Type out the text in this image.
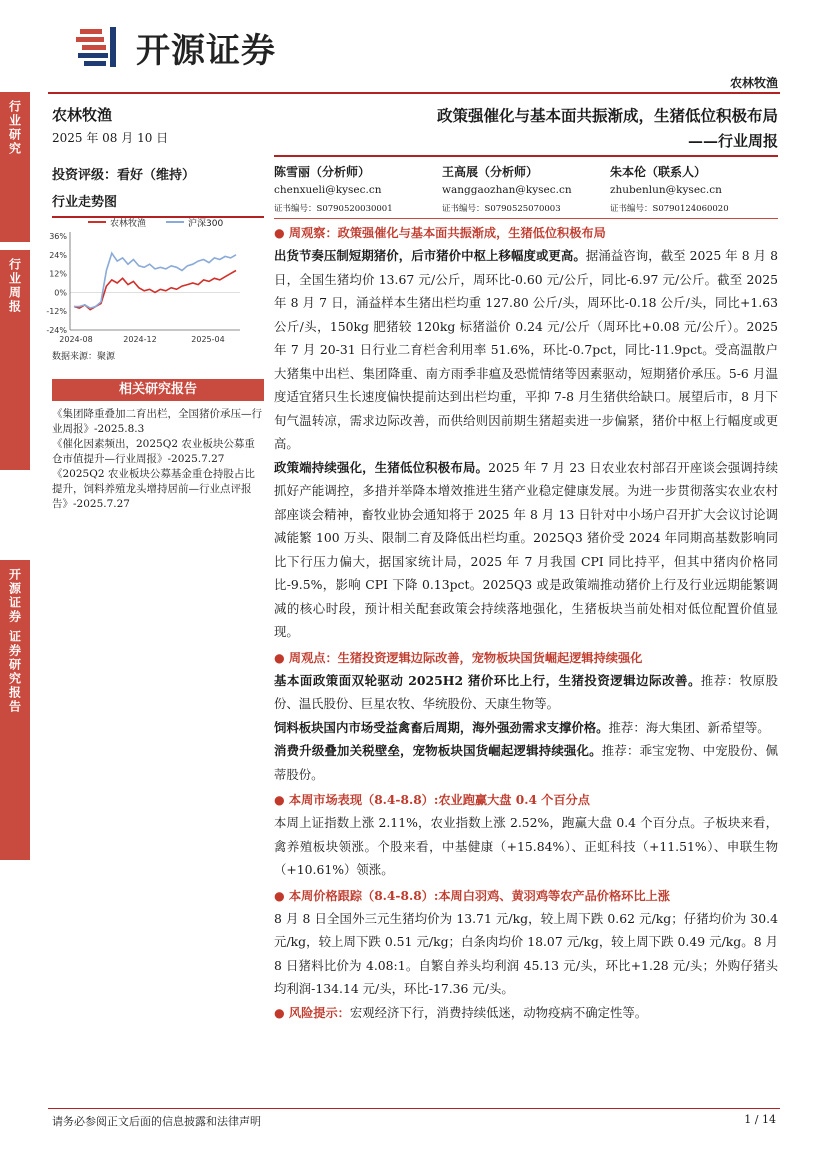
开源证券
农林牧渔
行业研究
行业周报
开源证券 证券研究报告
农林牧渔
2025 年 08 月 10 日
投资评级：看好（维持）
行业走势图
农林牧渔	沪深300
36%
24%
12%
0%
-12%
-24%
2024-08	2024-12	2025-04
数据来源：聚源
相关研究报告
《集团降重叠加二育出栏，全国猪价承压—行业周报》-2025.8.3
《催化因素频出，2025Q2 农业板块公募重仓市值提升—行业周报》-2025.7.27
《2025Q2 农业板块公募基金重仓持股占比提升，饲料养殖龙头增持居前—行业点评报告》-2025.7.27
政策强催化与基本面共振渐成，生猪低位积极布局
——行业周报
陈雪丽（分析师）
chenxueli@kysec.cn
证书编号：S0790520030001
王高展（分析师）
wanggaozhan@kysec.cn
证书编号：S0790525070003
朱本伦（联系人）
zhubenlun@kysec.cn
证书编号：S0790124060020
● 周观察：政策强催化与基本面共振渐成，生猪低位积极布局
出货节奏压制短期猪价，后市猪价中枢上移幅度或更高。据涌益咨询，截至 2025 年 8 月 8 日，全国生猪均价 13.67 元/公斤，周环比-0.60 元/公斤，同比-6.97 元/公斤。截至 2025 年 8 月 7 日，涌益样本生猪出栏均重 127.80 公斤/头，周环比-0.18 公斤/头，同比+1.63 公斤/头，150kg 肥猪较 120kg 标猪溢价 0.24 元/公斤（周环比+0.08 元/公斤）。2025 年 7 月 20-31 日行业二育栏舍利用率 51.6%，环比-0.7pct，同比-11.9pct。受高温散户大猪集中出栏、集团降重、南方雨季非瘟及恐慌情绪等因素驱动，短期猪价承压。5-6 月温度适宜猪只生长速度偏快提前达到出栏均重，平抑 7-8 月生猪供给缺口。展望后市，8 月下旬气温转凉，需求边际改善，而供给则因前期生猪超卖进一步偏紧，猪价中枢上行幅度或更高。
政策端持续强化，生猪低位积极布局。2025 年 7 月 23 日农业农村部召开座谈会强调持续抓好产能调控，多措并举降本增效推进生猪产业稳定健康发展。为进一步贯彻落实农业农村部座谈会精神，畜牧业协会通知将于 2025 年 8 月 13 日针对中小场户召开扩大会议讨论调减能繁 100 万头、限制二育及降低出栏均重。2025Q3 猪价受 2024 年同期高基数影响同比下行压力偏大，据国家统计局，2025 年 7 月我国 CPI 同比持平，但其中猪肉价格同比-9.5%，影响 CPI 下降 0.13pct。2025Q3 或是政策端推动猪价上行及行业远期能繁调减的核心时段，预计相关配套政策会持续落地强化，生猪板块当前处相对低位配置价值显现。
● 周观点：生猪投资逻辑边际改善，宠物板块国货崛起逻辑持续强化
基本面政策面双轮驱动 2025H2 猪价环比上行，生猪投资逻辑边际改善。推荐：牧原股份、温氏股份、巨星农牧、华统股份、天康生物等。
饲料板块国内市场受益禽畜后周期，海外强劲需求支撑价格。推荐：海大集团、新希望等。
消费升级叠加关税壁垒，宠物板块国货崛起逻辑持续强化。推荐：乖宝宠物、中宠股份、佩蒂股份。
● 本周市场表现（8.4-8.8）:农业跑赢大盘 0.4 个百分点
本周上证指数上涨 2.11%，农业指数上涨 2.52%，跑赢大盘 0.4 个百分点。子板块来看，禽养殖板块领涨。个股来看，中基健康（+15.84%）、正虹科技（+11.51%）、申联生物（+10.61%）领涨。
● 本周价格跟踪（8.4-8.8）:本周白羽鸡、黄羽鸡等农产品价格环比上涨
8 月 8 日全国外三元生猪均价为 13.71 元/kg，较上周下跌 0.62 元/kg；仔猪均价为 30.4 元/kg，较上周下跌 0.51 元/kg；白条肉均价 18.07 元/kg，较上周下跌 0.49 元/kg。8 月 8 日猪料比价为 4.08:1。自繁自养头均利润 45.13 元/头，环比+1.28 元/头；外购仔猪头均利润-134.14 元/头，环比-17.36 元/头。
● 风险提示：宏观经济下行，消费持续低迷，动物疫病不确定性等。
请务必参阅正文后面的信息披露和法律声明	1 / 14
